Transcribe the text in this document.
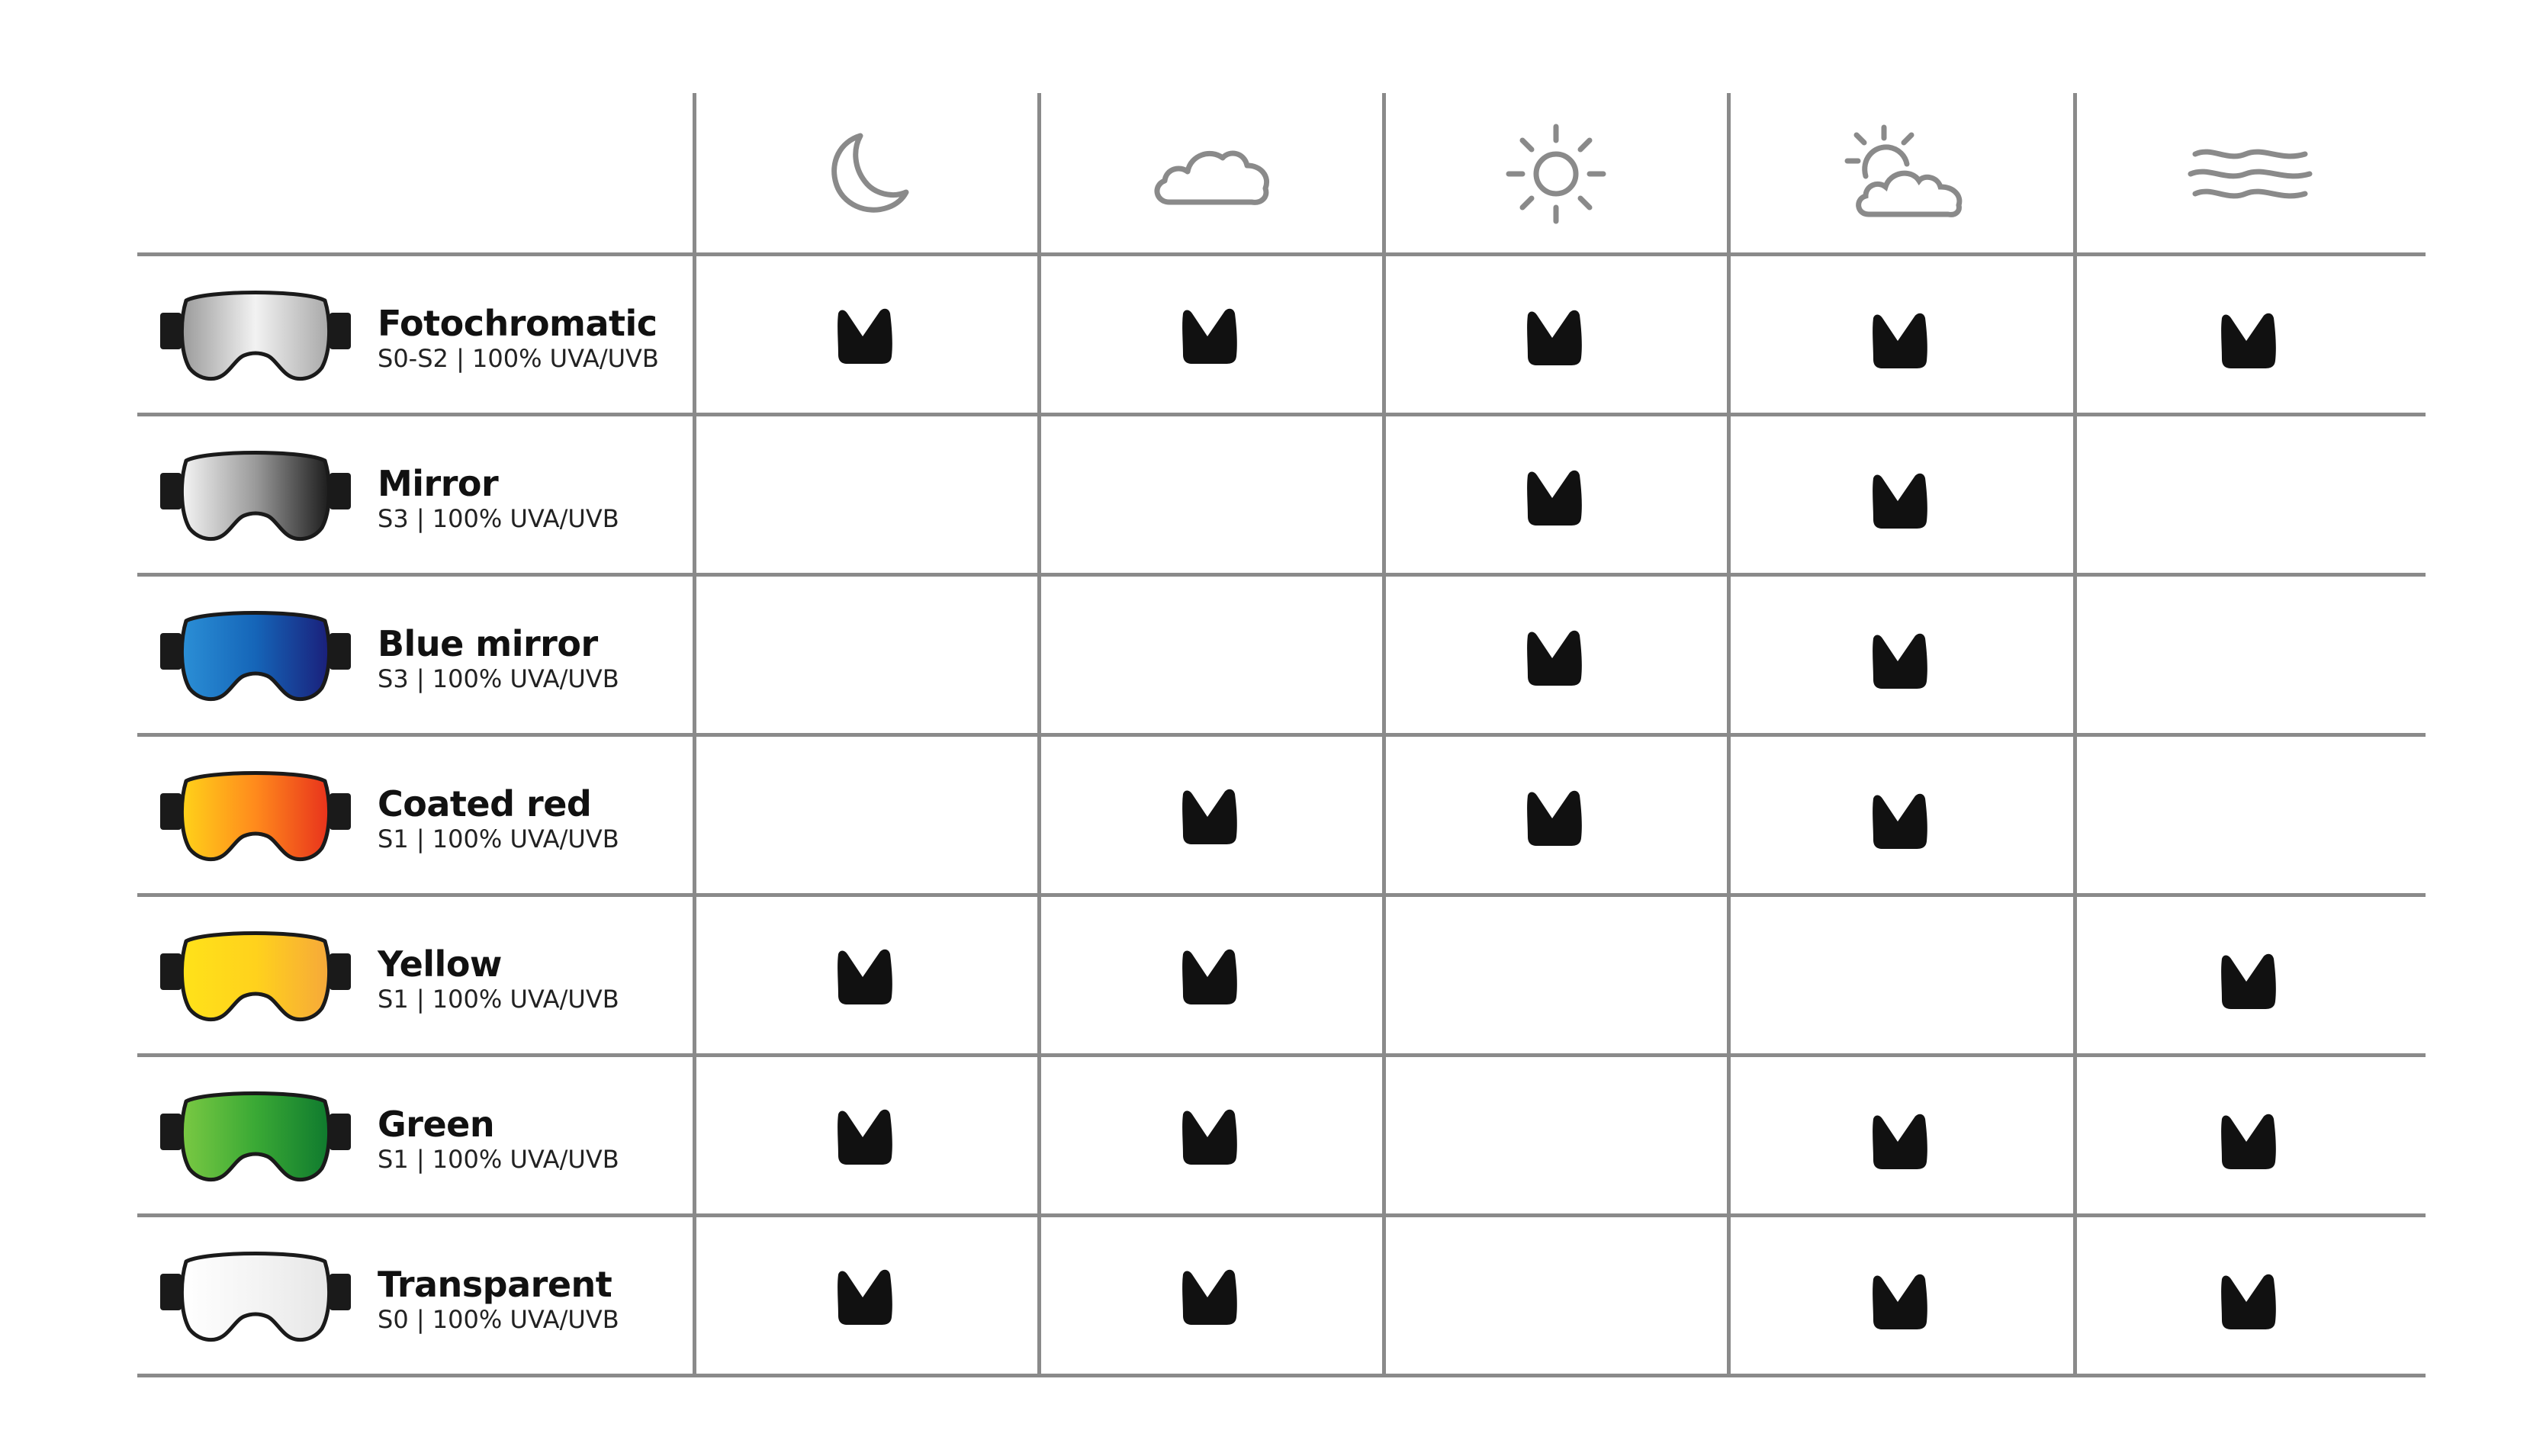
Fotochromatic
S0-S2 | 100% UVA/UVB
Mirror
S3 | 100% UVA/UVB
Blue mirror
S3 | 100% UVA/UVB
Coated red
S1 | 100% UVA/UVB
Yellow
S1 | 100% UVA/UVB
Green
S1 | 100% UVA/UVB
Transparent
S0 | 100% UVA/UVB
